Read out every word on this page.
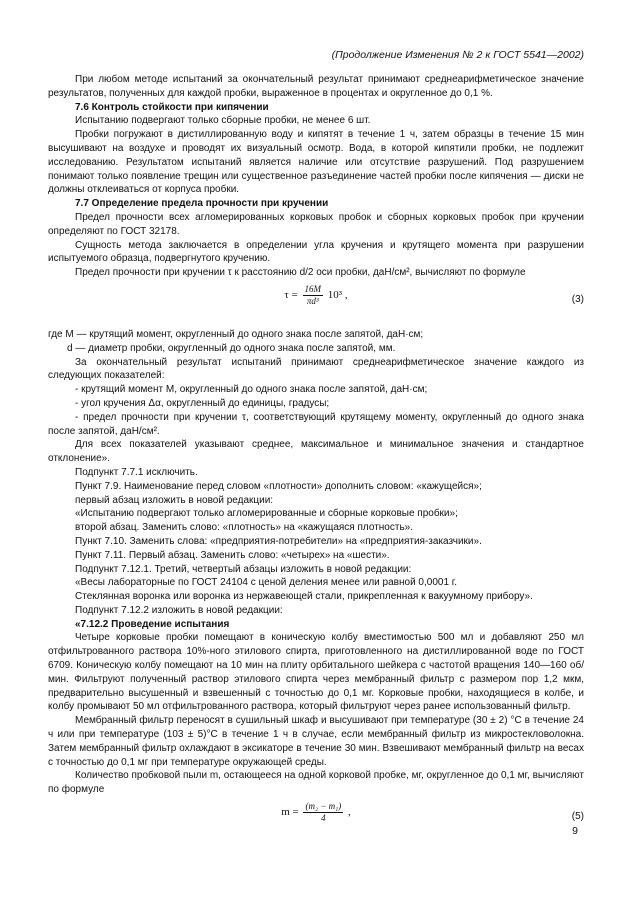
(Продолжение Изменения № 2 к ГОСТ 5541—2002)

При любом методе испытаний за окончательный результат принимают среднеарифметическое значение результатов, полученных для каждой пробки, выраженное в процентах и округленное до 0,1 %.

7.6 Контроль стойкости при кипячении

Испытанию подвергают только сборные пробки, не менее 6 шт.

Пробки погружают в дистиллированную воду и кипятят в течение 1 ч, затем образцы в течение 15 мин высушивают на воздухе и проводят их визуальный осмотр. Вода, в которой кипятили пробки, не подлежит исследованию. Результатом испытаний является наличие или отсутствие разрушений. Под разрушением понимают только появление трещин или существенное разъединение частей пробки после кипячения — диски не должны отклеиваться от корпуса пробки.

7.7 Определение предела прочности при кручении

Предел прочности всех агломерированных корковых пробок и сборных корковых пробок при кручении определяют по ГОСТ 32178.

Сущность метода заключается в определении угла кручения и крутящего момента при разрушении испытуемого образца, подвергнутого кручению.

Предел прочности при кручении τ к расстоянию d/2 оси пробки, даН/см², вычисляют по формуле

$\tau = \frac{16M}{\text{πd³}} 10^3$ ,	(3)

где M — крутящий момент, округленный до одного знака после запятой, даН·см;

d — диаметр пробки, округленный до одного знака после запятой, мм.

За окончательный результат испытаний принимают среднеарифметическое значение каждого из следующих показателей:

- крутящий момент M, округленный до одного знака после запятой, даН·см;

- угол кручения Δα, округленный до единицы, градусы;

- предел прочности при кручении τ, соответствующий крутящему моменту, округленный до одного знака после запятой, даН/см².

Для всех показателей указывают среднее, максимальное и минимальное значения и стандартное отклонение».

Подпункт 7.7.1 исключить.

Пункт 7.9. Наименование перед словом «плотности» дополнить словом: «кажущейся»;

первый абзац изложить в новой редакции:

«Испытанию подвергают только агломерированные и сборные корковые пробки»;

второй абзац. Заменить слово: «плотность» на «кажущаяся плотность».

Пункт 7.10. Заменить слова: «предприятия-потребители» на «предприятия-заказчики».

Пункт 7.11. Первый абзац. Заменить слово: «четырех» на «шести».

Подпункт 7.12.1. Третий, четвертый абзацы изложить в новой редакции:

«Весы лабораторные по ГОСТ 24104 с ценой деления менее или равной 0,0001 г.

Стеклянная воронка или воронка из нержавеющей стали, прикрепленная к вакуумному прибору».

Подпункт 7.12.2 изложить в новой редакции:

«7.12.2 Проведение испытания

Четыре корковые пробки помещают в коническую колбу вместимостью 500 мл и добавляют 250 мл отфильтрованного раствора 10%-ного этилового спирта, приготовленного на дистиллированной воде по ГОСТ 6709. Коническую колбу помещают на 10 мин на плиту орбитального шейкера с частотой вращения 140—160 об/мин. Фильтруют полученный раствор этилового спирта через мембранный фильтр с размером пор 1,2 мкм, предварительно высушенный и взвешенный с точностью до 0,1 мг. Корковые пробки, находящиеся в колбе, и колбу промывают 50 мл отфильтрованного раствора, который фильтруют через ранее использованный фильтр.

Мембранный фильтр переносят в сушильный шкаф и высушивают при температуре (30 ± 2) °С в течение 24 ч или при температуре (103 ± 5)°С в течение 1 ч в случае, если мембранный фильтр из микростекловолокна. Затем мембранный фильтр охлаждают в эксикаторе в течение 30 мин. Взвешивают мембранный фильтр на весах с точностью до 0,1 мг при температуре окружающей среды.

Количество пробковой пыли m, остающееся на одной корковой пробке, мг, округленное до 0,1 мг, вычисляют по формуле

$m = \frac{\text{(m₂ − m₁)}}{4}$ ,	(5)
9
